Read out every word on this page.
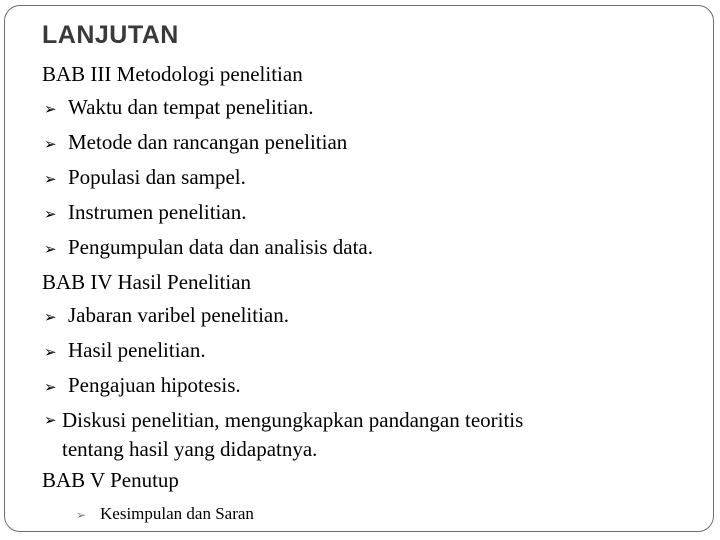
LANJUTAN
BAB III Metodologi penelitian
➢ Waktu dan tempat penelitian.
➢ Metode dan rancangan penelitian
➢ Populasi dan sampel.
➢ Instrumen penelitian.
➢ Pengumpulan data dan analisis data.
BAB IV Hasil Penelitian
➢ Jabaran varibel penelitian.
➢ Hasil penelitian.
➢ Pengajuan hipotesis.
➢ Diskusi penelitian, mengungkapkan pandangan teoritis
tentang hasil yang didapatnya.
BAB V Penutup
➢ Kesimpulan dan Saran
